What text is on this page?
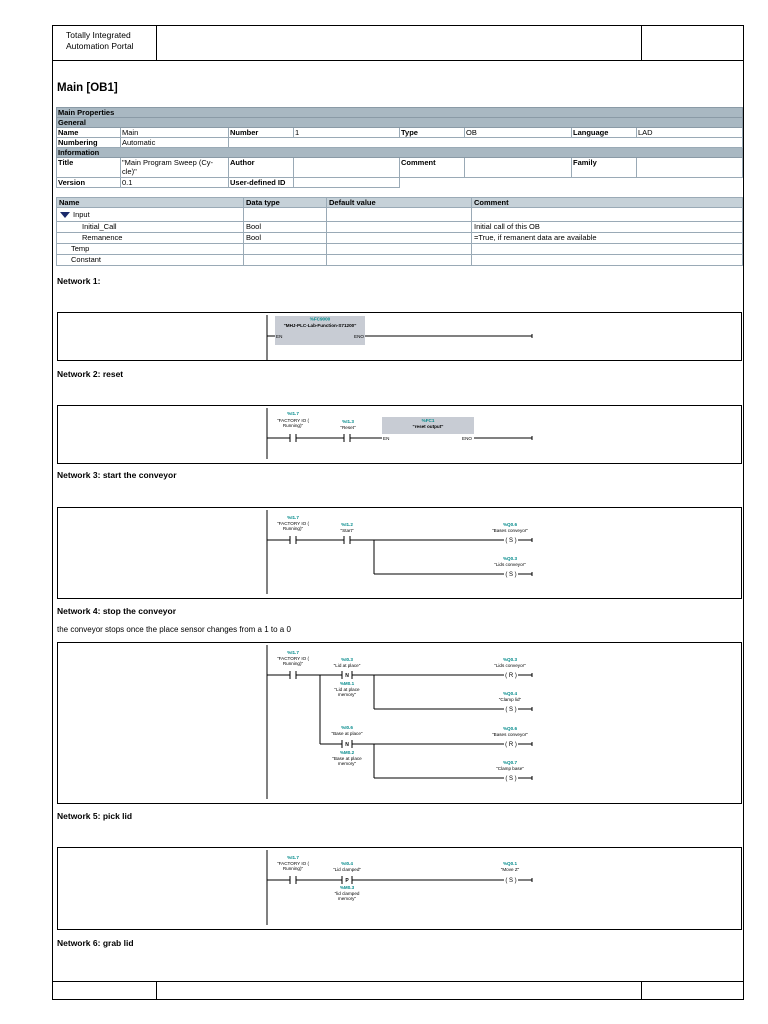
Totally Integrated
Automation Portal
Main [OB1]
Main Properties							
General							
Name	Main	Number	1	Type	OB	Language	LAD
Numbering	Automatic						
Information							
Title	"Main Program Sweep (Cy-
cle)"	Author		Comment		Family	
Version	0.1	User-defined ID					
Name	Data type	Default value	Comment
Input			
Initial_Call	Bool		Initial call of this OB
Remanence	Bool		=True, if remanent data are available
Temp			
Constant			
Network 1:
%FC9000
"MHJ-PLC-Lab-Function-S71200"
EN	ENO
Network 2: reset
%I1.7
"FACTORY IO (
Running)"
%I1.3
"Reset"
%FC1
"reset output"
EN	ENO
Network 3: start the conveyor
%I1.7
"FACTORY IO (
Running)"
%I1.2
"Start"
%Q0.6
"Bases conveyor"
( S )
%Q0.3
"Lids conveyor"
( S )
Network 4: stop the conveyor
the conveyor stops once the place sensor changes from a 1 to a 0
%I1.7
"FACTORY IO (
Running)"
%I0.3
"Lid at place"
N
%M0.1
"Lid at place
memory"
%I0.6
"Base at place"
N
%M0.2
"Base at place
memory"
%Q0.3
"Lids conveyor"
( R )
%Q0.4
"Clamp lid"
( S )
%Q0.6
"Bases conveyor"
( R )
%Q0.7
"Clamp base"
( S )
Network 5: pick lid
%I1.7
"FACTORY IO (
Running)"
%I0.4
"Lid clamped"
P
%M0.3
"lid clamped
memory"
%Q0.1
"Move Z"
( S )
Network 6: grab lid
